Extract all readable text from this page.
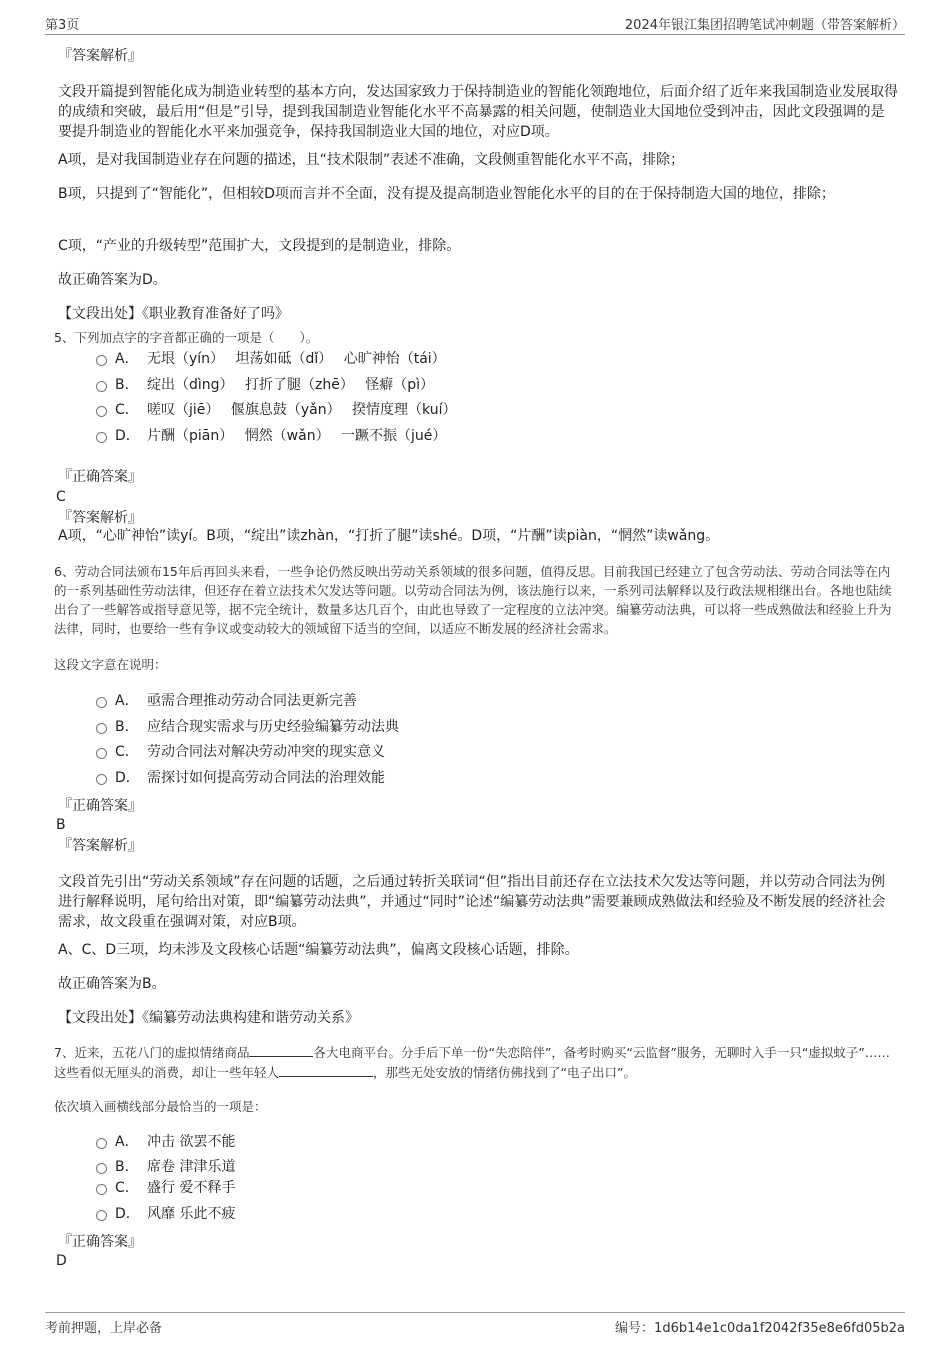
第3页	2024年银江集团招聘笔试冲刺题（带答案解析）
『答案解析』
文段开篇提到智能化成为制造业转型的基本方向，发达国家致力于保持制造业的智能化领跑地位，后面介绍了近年来我国制造业发展取得的成绩和突破，最后用“但是”引导，提到我国制造业智能化水平不高暴露的相关问题，使制造业大国地位受到冲击，因此文段强调的是要提升制造业的智能化水平来加强竞争，保持我国制造业大国的地位，对应D项。
A项，是对我国制造业存在问题的描述，且“技术限制”表述不准确，文段侧重智能化水平不高，排除；
B项，只提到了“智能化”，但相较D项而言并不全面，没有提及提高制造业智能化水平的目的在于保持制造大国的地位，排除；
C项，“产业的升级转型”范围扩大，文段提到的是制造业，排除。
故正确答案为D。
【文段出处】《职业教育准备好了吗》
5、下列加点字的字音都正确的一项是（　　）。
A． 无垠（yín）　 坦荡如砥（dǐ）　 心旷神怡（tái）
B． 绽出（dìng）　 打折了腿（zhē）　 怪癖（pì）
C． 嗟叹（jiē）　 偃旗息鼓（yǎn）　 揆情度理（kuí）
D． 片酬（piān）　 惘然（wǎn）　 一蹶不振（jué）
『正确答案』
C
『答案解析』
A项，“心旷神怡”读yí。B项，“绽出”读zhàn，“打折了腿”读shé。D项，“片酬”读piàn，“惘然”读wǎng。
6、劳动合同法颁布15年后再回头来看，一些争论仍然反映出劳动关系领域的很多问题，值得反思。目前我国已经建立了包含劳动法、劳动合同法等在内的一系列基础性劳动法律，但还存在着立法技术欠发达等问题。以劳动合同法为例，该法施行以来，一系列司法解释以及行政法规相继出台。各地也陆续出台了一些解答或指导意见等，据不完全统计，数量多达几百个，由此也导致了一定程度的立法冲突。编纂劳动法典，可以将一些成熟做法和经验上升为法律，同时，也要给一些有争议或变动较大的领域留下适当的空间，以适应不断发展的经济社会需求。
这段文字意在说明：
A． 亟需合理推动劳动合同法更新完善
B． 应结合现实需求与历史经验编纂劳动法典
C． 劳动合同法对解决劳动冲突的现实意义
D． 需探讨如何提高劳动合同法的治理效能
『正确答案』
B
『答案解析』
文段首先引出“劳动关系领域”存在问题的话题，之后通过转折关联词“但”指出目前还存在立法技术欠发达等问题，并以劳动合同法为例进行解释说明，尾句给出对策，即“编纂劳动法典”，并通过“同时”论述“编纂劳动法典”需要兼顾成熟做法和经验及不断发展的经济社会需求，故文段重在强调对策，对应B项。
A、C、D三项，均未涉及文段核心话题“编纂劳动法典”，偏离文段核心话题，排除。
故正确答案为B。
【文段出处】《编纂劳动法典构建和谐劳动关系》
7、近来，五花八门的虚拟情绪商品	各大电商平台。分手后下单一份“失恋陪伴”，备考时购买“云监督”服务，无聊时入手一只“虚拟蚊子”……这些看似无厘头的消费，却让一些年轻人	，那些无处安放的情绪仿佛找到了“电子出口”。
依次填入画横线部分最恰当的一项是：
A． 冲击 欲罢不能
B． 席卷 津津乐道
C． 盛行 爱不释手
D． 风靡 乐此不疲
『正确答案』
D
考前押题，上岸必备	编号：1d6b14e1c0da1f2042f35e8e6fd05b2a
